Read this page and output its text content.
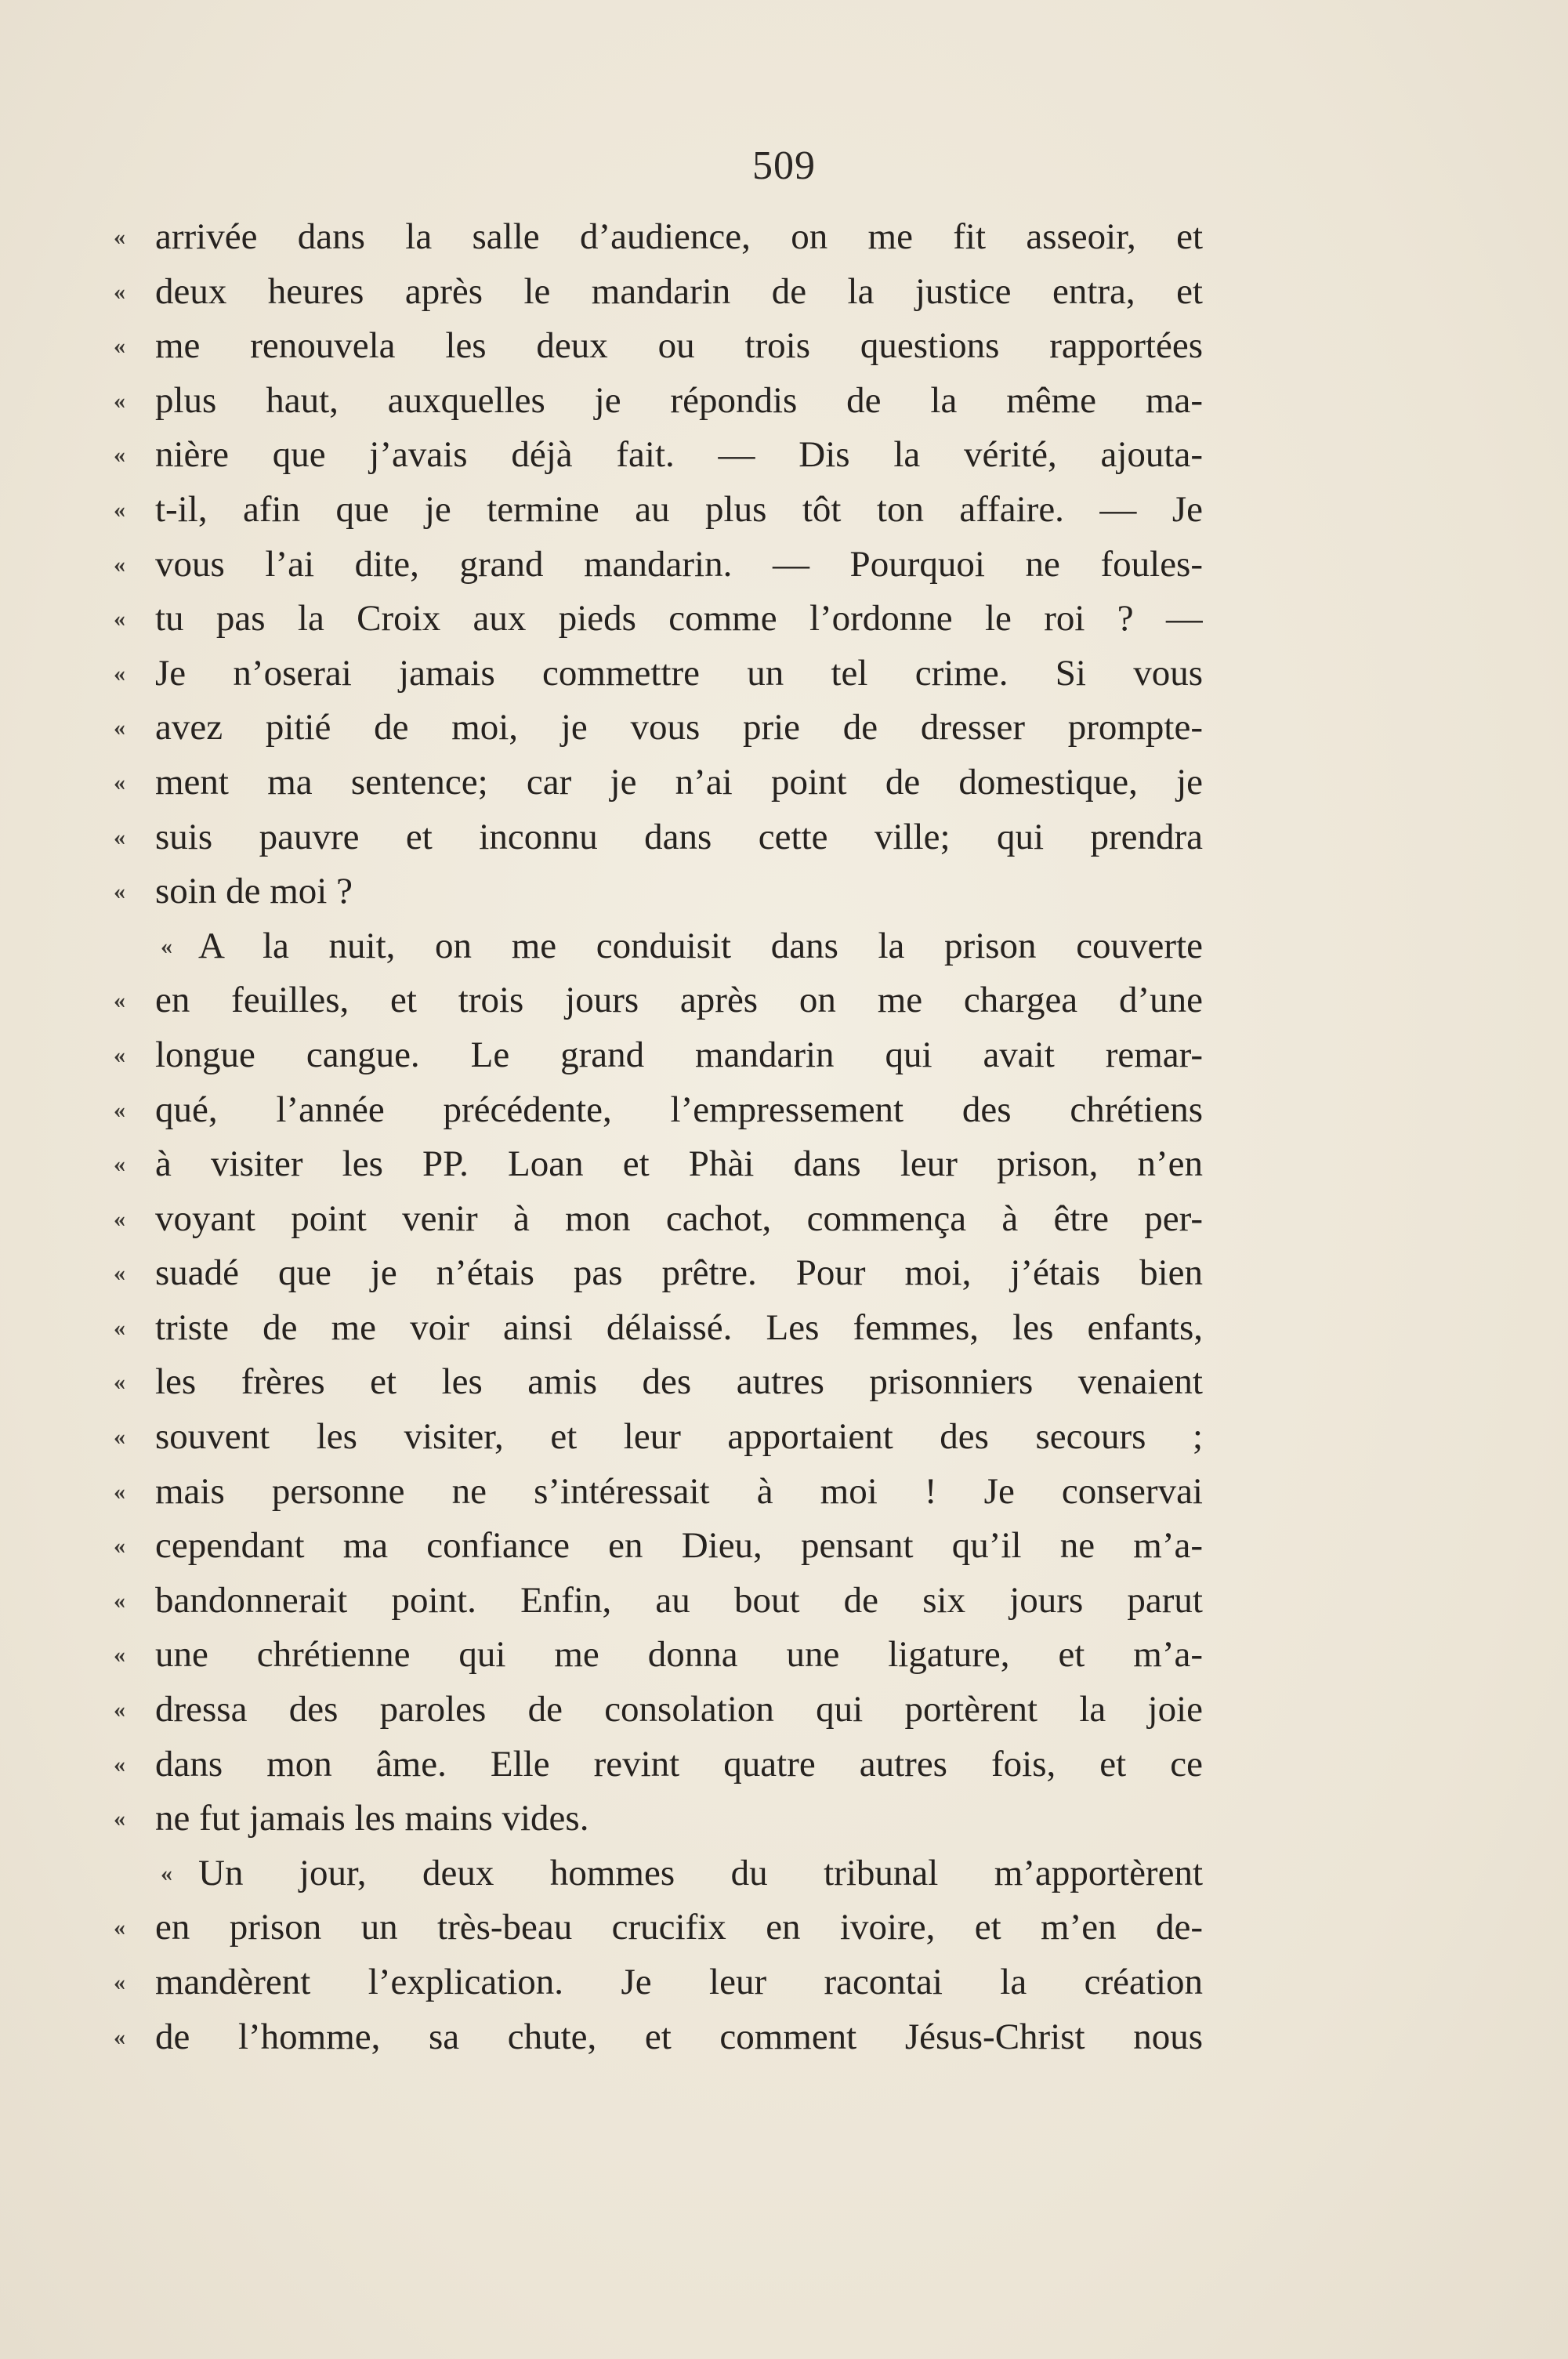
509
« arrivée dans la salle d’audience, on me fit asseoir, et
« deux heures après le mandarin de la justice entra, et
« me renouvela les deux ou trois questions rapportées
« plus haut, auxquelles je répondis de la même ma-
« nière que j’avais déjà fait. — Dis la vérité, ajouta-
« t-il, afin que je termine au plus tôt ton affaire. — Je
« vous l’ai dite, grand mandarin. — Pourquoi ne foules-
« tu pas la Croix aux pieds comme l’ordonne le roi ? —
« Je n’oserai jamais commettre un tel crime. Si vous
« avez pitié de moi, je vous prie de dresser prompte-
« ment ma sentence; car je n’ai point de domestique, je
« suis pauvre et inconnu dans cette ville; qui prendra
« soin de moi ?
« A la nuit, on me conduisit dans la prison couverte
« en feuilles, et trois jours après on me chargea d’une
« longue cangue. Le grand mandarin qui avait remar-
« qué, l’année précédente, l’empressement des chrétiens
« à visiter les PP. Loan et Phài dans leur prison, n’en
« voyant point venir à mon cachot, commença à être per-
« suadé que je n’étais pas prêtre. Pour moi, j’étais bien
« triste de me voir ainsi délaissé. Les femmes, les enfants,
« les frères et les amis des autres prisonniers venaient
« souvent les visiter, et leur apportaient des secours ;
« mais personne ne s’intéressait à moi ! Je conservai
« cependant ma confiance en Dieu, pensant qu’il ne m’a-
« bandonnerait point. Enfin, au bout de six jours parut
« une chrétienne qui me donna une ligature, et m’a-
« dressa des paroles de consolation qui portèrent la joie
« dans mon âme. Elle revint quatre autres fois, et ce
« ne fut jamais les mains vides.
« Un jour, deux hommes du tribunal m’apportèrent
« en prison un très-beau crucifix en ivoire, et m’en de-
« mandèrent l’explication. Je leur racontai la création
« de l’homme, sa chute, et comment Jésus-Christ nous
